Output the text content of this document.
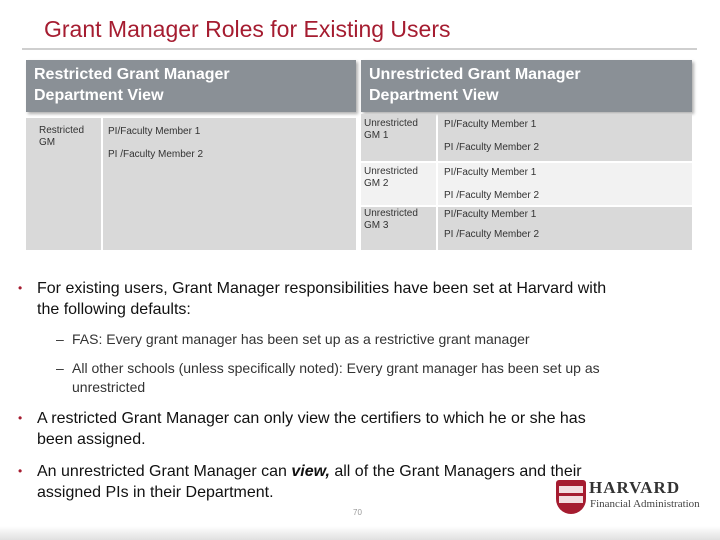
Grant Manager Roles for Existing Users
Restricted Grant Manager
Department View
Unrestricted Grant Manager
Department View
Restricted
GM
PI/Faculty Member 1
PI /Faculty Member 2
Unrestricted
GM 1
PI/Faculty Member 1
PI /Faculty Member 2
Unrestricted
GM 2
PI/Faculty Member 1
PI /Faculty Member 2
Unrestricted
GM 3
PI/Faculty Member 1
PI /Faculty Member 2
• For existing users, Grant Manager responsibilities have been set at Harvard with
the following defaults:
– FAS: Every grant manager has been set up as a restrictive grant manager
– All other schools (unless specifically noted): Every grant manager has been set up as
unrestricted
• A restricted Grant Manager can only view the certifiers to which he or she has
been assigned.
• An unrestricted Grant Manager can view, all of the Grant Managers and their
assigned PIs in their Department.
70
HARVARD
Financial Administration
